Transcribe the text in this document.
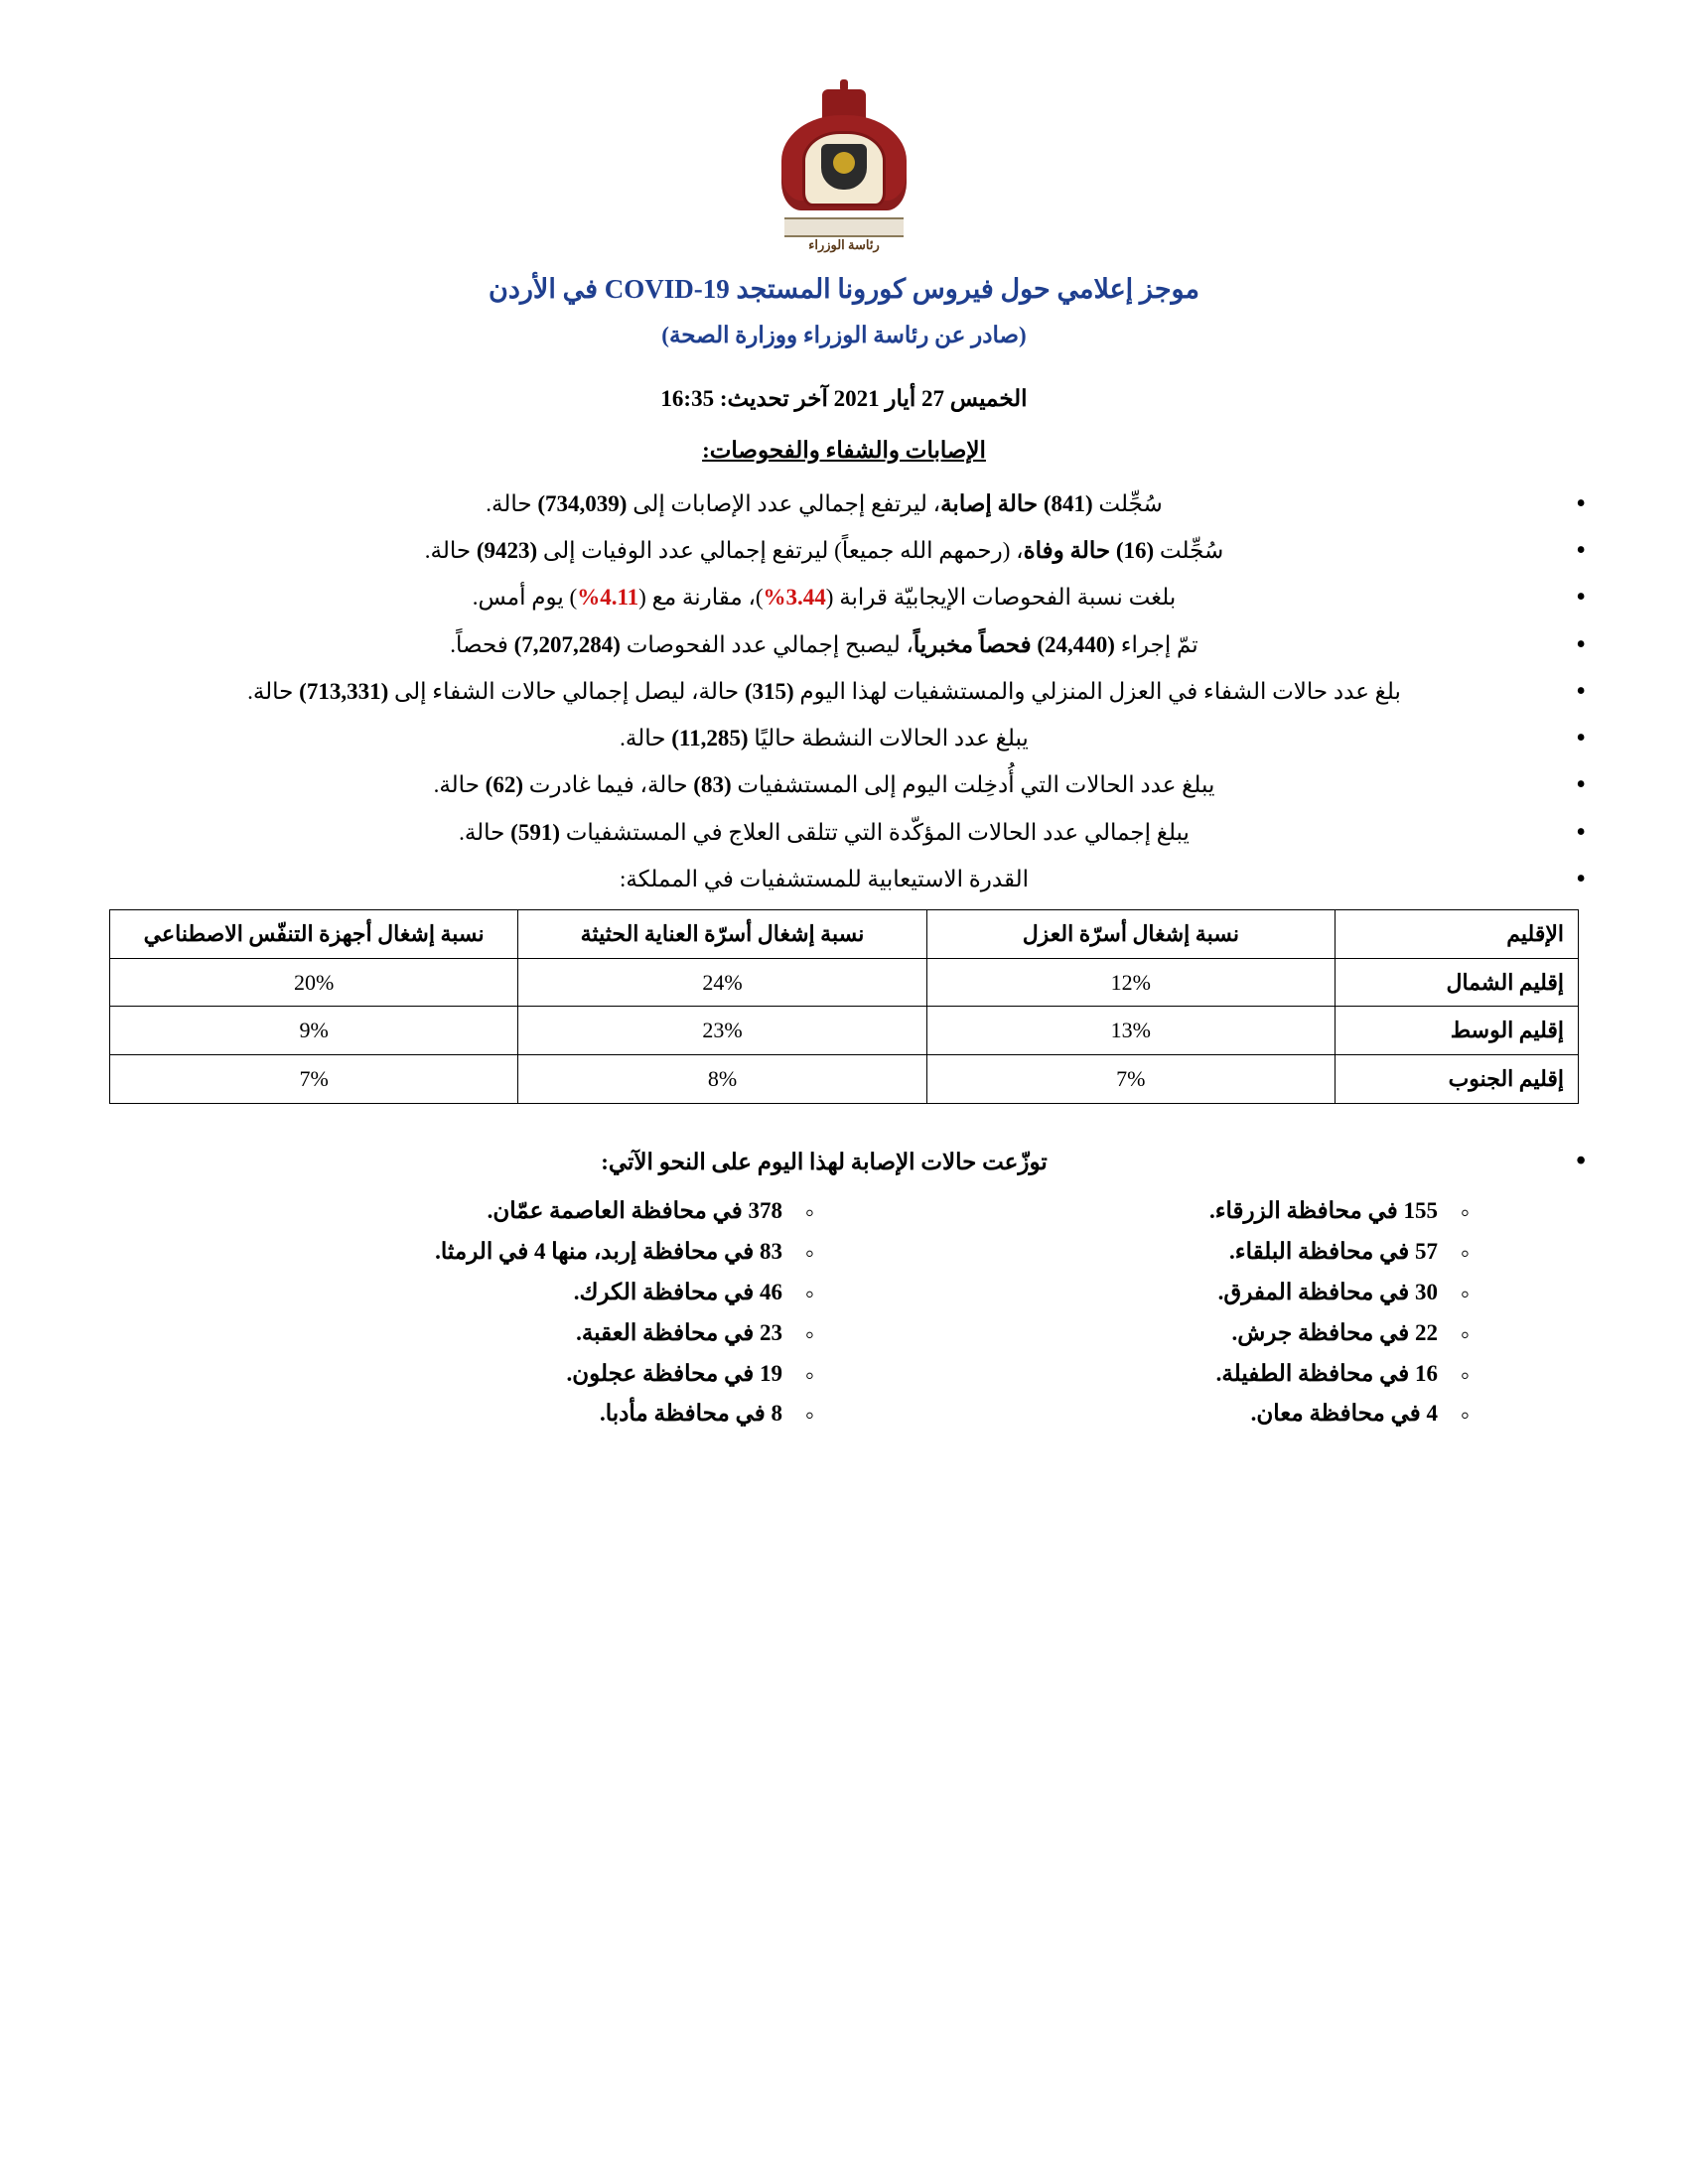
رئاسة الوزراء
موجز إعلامي حول فيروس كورونا المستجد COVID-19 في الأردن
(صادر عن رئاسة الوزراء ووزارة الصحة)
الخميس 27 أيار 2021 آخر تحديث: 16:35
الإصابات والشفاء والفحوصات:
• سُجِّلت (841) حالة إصابة، ليرتفع إجمالي عدد الإصابات إلى (734,039) حالة.
• سُجِّلت (16) حالة وفاة، (رحمهم الله جميعاً) ليرتفع إجمالي عدد الوفيات إلى (9423) حالة.
• بلغت نسبة الفحوصات الإيجابيّة قرابة (3.44%)، مقارنة مع (4.11%) يوم أمس.
• تمّ إجراء (24,440) فحصاً مخبرياً، ليصبح إجمالي عدد الفحوصات (7,207,284) فحصاً.
• بلغ عدد حالات الشفاء في العزل المنزلي والمستشفيات لهذا اليوم (315) حالة، ليصل إجمالي حالات الشفاء إلى (713,331) حالة.
• يبلغ عدد الحالات النشطة حاليًا (11,285) حالة.
• يبلغ عدد الحالات التي أُدخِلت اليوم إلى المستشفيات (83) حالة، فيما غادرت (62) حالة.
• يبلغ إجمالي عدد الحالات المؤكّدة التي تتلقى العلاج في المستشفيات (591) حالة.
• القدرة الاستيعابية للمستشفيات في المملكة:
الإقليم	نسبة إشغال أسرّة العزل	نسبة إشغال أسرّة العناية الحثيثة	نسبة إشغال أجهزة التنفّس الاصطناعي
إقليم الشمال	12%	24%	20%
إقليم الوسط	13%	23%	9%
إقليم الجنوب	7%	8%	7%
• توزّعت حالات الإصابة لهذا اليوم على النحو الآتي:
◦ 155 في محافظة الزرقاء.
◦ 57 في محافظة البلقاء.
◦ 30 في محافظة المفرق.
◦ 22 في محافظة جرش.
◦ 16 في محافظة الطفيلة.
◦ 4 في محافظة معان.
◦ 378 في محافظة العاصمة عمّان.
◦ 83 في محافظة إربد، منها 4 في الرمثا.
◦ 46 في محافظة الكرك.
◦ 23 في محافظة العقبة.
◦ 19 في محافظة عجلون.
◦ 8 في محافظة مأدبا.
